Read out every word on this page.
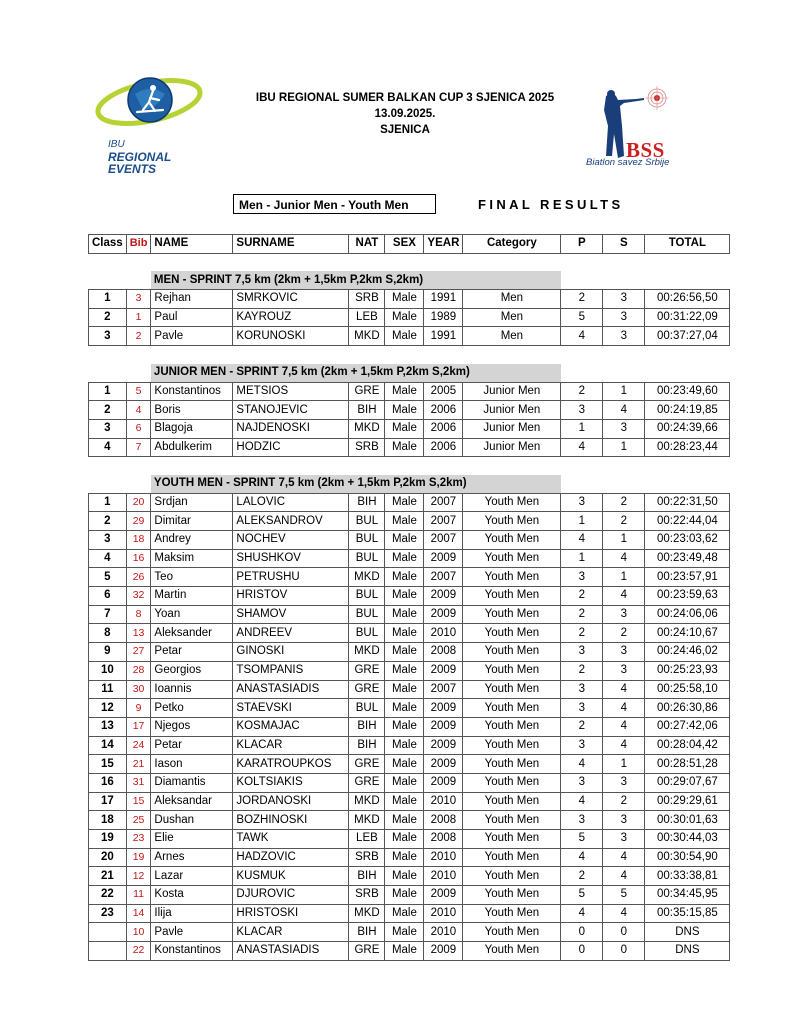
IBU
REGIONAL
EVENTS
IBU REGIONAL SUMER BALKAN CUP 3 SJENICA 2025
13.09.2025.
SJENICA
BSS
Biatlon savez Srbije
Men - Junior Men - Youth Men	FINAL RESULTS
Class	Bib	NAME	SURNAME	NAT	SEX	YEAR	Category	P	S	TOTAL

		MEN - SPRINT 7,5 km (2km + 1,5km P,2km S,2km)								
1	3	Rejhan	SMRKOVIC	SRB	Male	1991	Men	2	3	00:26:56,50
2	1	Paul	KAYROUZ	LEB	Male	1989	Men	5	3	00:31:22,09
3	2	Pavle	KORUNOSKI	MKD	Male	1991	Men	4	3	00:37:27,04

		JUNIOR MEN - SPRINT 7,5 km (2km + 1,5km P,2km S,2km)								
1	5	Konstantinos	METSIOS	GRE	Male	2005	Junior Men	2	1	00:23:49,60
2	4	Boris	STANOJEVIC	BIH	Male	2006	Junior Men	3	4	00:24:19,85
3	6	Blagoja	NAJDENOSKI	MKD	Male	2006	Junior Men	1	3	00:24:39,66
4	7	Abdulkerim	HODZIC	SRB	Male	2006	Junior Men	4	1	00:28:23,44

		YOUTH MEN - SPRINT 7,5 km (2km + 1,5km P,2km S,2km)								
1	20	Srdjan	LALOVIC	BIH	Male	2007	Youth Men	3	2	00:22:31,50
2	29	Dimitar	ALEKSANDROV	BUL	Male	2007	Youth Men	1	2	00:22:44,04
3	18	Andrey	NOCHEV	BUL	Male	2007	Youth Men	4	1	00:23:03,62
4	16	Maksim	SHUSHKOV	BUL	Male	2009	Youth Men	1	4	00:23:49,48
5	26	Teo	PETRUSHU	MKD	Male	2007	Youth Men	3	1	00:23:57,91
6	32	Martin	HRISTOV	BUL	Male	2009	Youth Men	2	4	00:23:59,63
7	8	Yoan	SHAMOV	BUL	Male	2009	Youth Men	2	3	00:24:06,06
8	13	Aleksander	ANDREEV	BUL	Male	2010	Youth Men	2	2	00:24:10,67
9	27	Petar	GINOSKI	MKD	Male	2008	Youth Men	3	3	00:24:46,02
10	28	Georgios	TSOMPANIS	GRE	Male	2009	Youth Men	2	3	00:25:23,93
11	30	Ioannis	ANASTASIADIS	GRE	Male	2007	Youth Men	3	4	00:25:58,10
12	9	Petko	STAEVSKI	BUL	Male	2009	Youth Men	3	4	00:26:30,86
13	17	Njegos	KOSMAJAC	BIH	Male	2009	Youth Men	2	4	00:27:42,06
14	24	Petar	KLACAR	BIH	Male	2009	Youth Men	3	4	00:28:04,42
15	21	Iason	KARATROUPKOS	GRE	Male	2009	Youth Men	4	1	00:28:51,28
16	31	Diamantis	KOLTSIAKIS	GRE	Male	2009	Youth Men	3	3	00:29:07,67
17	15	Aleksandar	JORDANOSKI	MKD	Male	2010	Youth Men	4	2	00:29:29,61
18	25	Dushan	BOZHINOSKI	MKD	Male	2008	Youth Men	3	3	00:30:01,63
19	23	Elie	TAWK	LEB	Male	2008	Youth Men	5	3	00:30:44,03
20	19	Arnes	HADZOVIC	SRB	Male	2010	Youth Men	4	4	00:30:54,90
21	12	Lazar	KUSMUK	BIH	Male	2010	Youth Men	2	4	00:33:38,81
22	11	Kosta	DJUROVIC	SRB	Male	2009	Youth Men	5	5	00:34:45,95
23	14	Ilija	HRISTOSKI	MKD	Male	2010	Youth Men	4	4	00:35:15,85
	10	Pavle	KLACAR	BIH	Male	2010	Youth Men	0	0	DNS
	22	Konstantinos	ANASTASIADIS	GRE	Male	2009	Youth Men	0	0	DNS
